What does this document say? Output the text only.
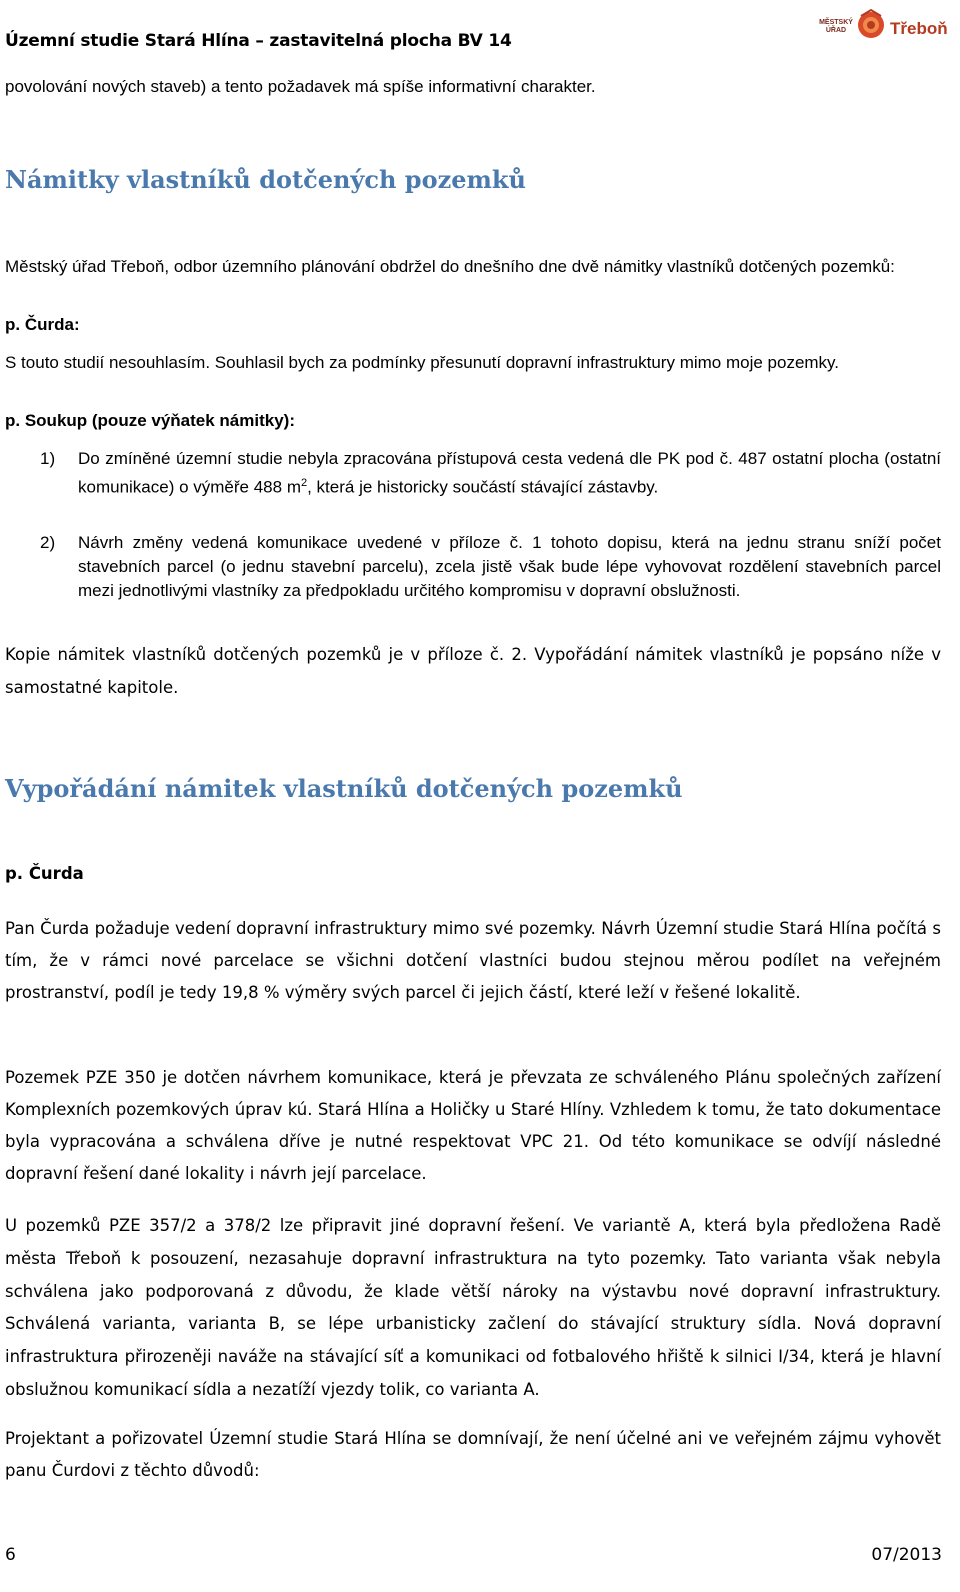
Územní studie Stará Hlína – zastavitelná plocha BV 14
MĚSTSKÝ ÚŘAD	Třeboň
povolování nových staveb) a tento požadavek má spíše informativní charakter.
Námitky vlastníků dotčených pozemků
Městský úřad Třeboň, odbor územního plánování obdržel do dnešního dne dvě námitky vlastníků dotčených pozemků:
p. Čurda:
S touto studií nesouhlasím. Souhlasil bych za podmínky přesunutí dopravní infrastruktury mimo moje pozemky.
p. Soukup (pouze výňatek námitky):
1) Do zmíněné územní studie nebyla zpracována přístupová cesta vedená dle PK pod č. 487 ostatní plocha (ostatní komunikace) o výměře 488 $m^2$, která je historicky součástí stávající zástavby.
2) Návrh změny vedená komunikace uvedené v příloze č. 1 tohoto dopisu, která na jednu stranu sníží počet stavebních parcel (o jednu stavební parcelu), zcela jistě však bude lépe vyhovovat rozdělení stavebních parcel mezi jednotlivými vlastníky za předpokladu určitého kompromisu v dopravní obslužnosti.
Kopie námitek vlastníků dotčených pozemků je v příloze č. 2. Vypořádání námitek vlastníků je popsáno níže v samostatné kapitole.
Vypořádání námitek vlastníků dotčených pozemků
p. Čurda
Pan Čurda požaduje vedení dopravní infrastruktury mimo své pozemky. Návrh Územní studie Stará Hlína počítá s tím, že v rámci nové parcelace se všichni dotčení vlastníci budou stejnou měrou podílet na veřejném prostranství, podíl je tedy 19,8 % výměry svých parcel či jejich částí, které leží v řešené lokalitě.
Pozemek PZE 350 je dotčen návrhem komunikace, která je převzata ze schváleného Plánu společných zařízení Komplexních pozemkových úprav kú. Stará Hlína a Holičky u Staré Hlíny. Vzhledem k tomu, že tato dokumentace byla vypracována a schválena dříve je nutné respektovat VPC 21. Od této komunikace se odvíjí následné dopravní řešení dané lokality i návrh její parcelace.
U pozemků PZE 357/2 a 378/2 lze připravit jiné dopravní řešení. Ve variantě A, která byla předložena Radě města Třeboň k posouzení, nezasahuje dopravní infrastruktura na tyto pozemky. Tato varianta však nebyla schválena jako podporovaná z důvodu, že klade větší nároky na výstavbu nové dopravní infrastruktury. Schválená varianta, varianta B, se lépe urbanisticky začlení do stávající struktury sídla. Nová dopravní infrastruktura přirozeněji naváže na stávající síť a komunikaci od fotbalového hřiště k silnici I/34, která je hlavní obslužnou komunikací sídla a nezatíží vjezdy tolik, co varianta A.
Projektant a pořizovatel Územní studie Stará Hlína se domnívají, že není účelné ani ve veřejném zájmu vyhovět panu Čurdovi z těchto důvodů:
6	07/2013
